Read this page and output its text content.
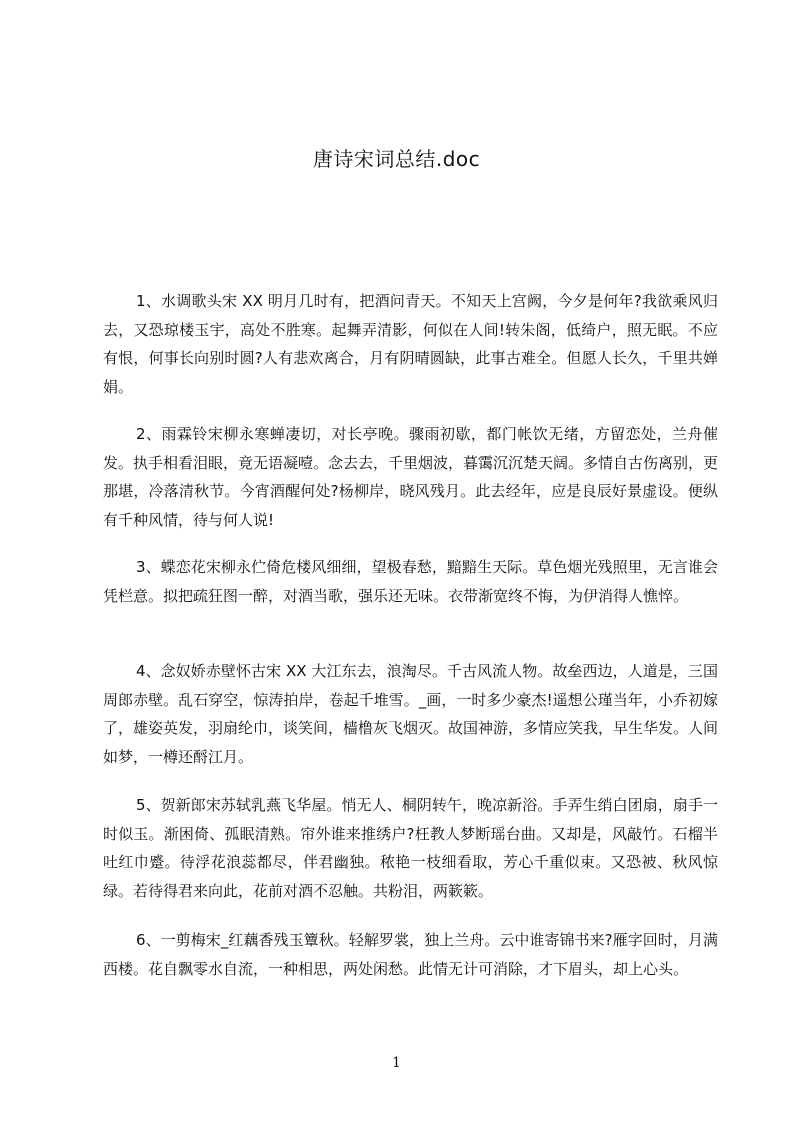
唐诗宋词总结.doc

1、水调歌头宋 XX 明月几时有，把酒问青天。不知天上宫阙，今夕是何年?我欲乘风归去，又恐琼楼玉宇，高处不胜寒。起舞弄清影，何似在人间!转朱阁，低绮户，照无眠。不应有恨，何事长向别时圆?人有悲欢离合，月有阴晴圆缺，此事古难全。但愿人长久，千里共婵娟。

2、雨霖铃宋柳永寒蝉凄切，对长亭晚。骤雨初歇，都门帐饮无绪，方留恋处，兰舟催发。执手相看泪眼，竟无语凝噎。念去去，千里烟波，暮霭沉沉楚天阔。多情自古伤离别，更那堪，冷落清秋节。今宵酒醒何处?杨柳岸，晓风残月。此去经年，应是良辰好景虚设。便纵有千种风情，待与何人说!

3、蝶恋花宋柳永伫倚危楼风细细，望极春愁，黯黯生天际。草色烟光残照里，无言谁会凭栏意。拟把疏狂图一醉，对酒当歌，强乐还无味。衣带渐宽终不悔，为伊消得人憔悴。

4、念奴娇赤壁怀古宋 XX 大江东去，浪淘尽。千古风流人物。故垒西边，人道是，三国周郎赤壁。乱石穿空，惊涛拍岸，卷起千堆雪。_画，一时多少豪杰!遥想公瑾当年，小乔初嫁了，雄姿英发，羽扇纶巾，谈笑间，樯橹灰飞烟灭。故国神游，多情应笑我，早生华发。人间如梦，一樽还酹江月。

5、贺新郎宋苏轼乳燕飞华屋。悄无人、桐阴转午，晚凉新浴。手弄生绡白团扇，扇手一时似玉。渐困倚、孤眠清熟。帘外谁来推绣户?枉教人梦断瑶台曲。又却是，风敲竹。石榴半吐红巾蹙。待浮花浪蕊都尽，伴君幽独。秾艳一枝细看取，芳心千重似束。又恐被、秋风惊绿。若待得君来向此，花前对酒不忍触。共粉泪，两簌簌。

6、一剪梅宋_红藕香残玉簟秋。轻解罗裳，独上兰舟。云中谁寄锦书来?雁字回时，月满西楼。花自飘零水自流，一种相思，两处闲愁。此情无计可消除，才下眉头，却上心头。

1
